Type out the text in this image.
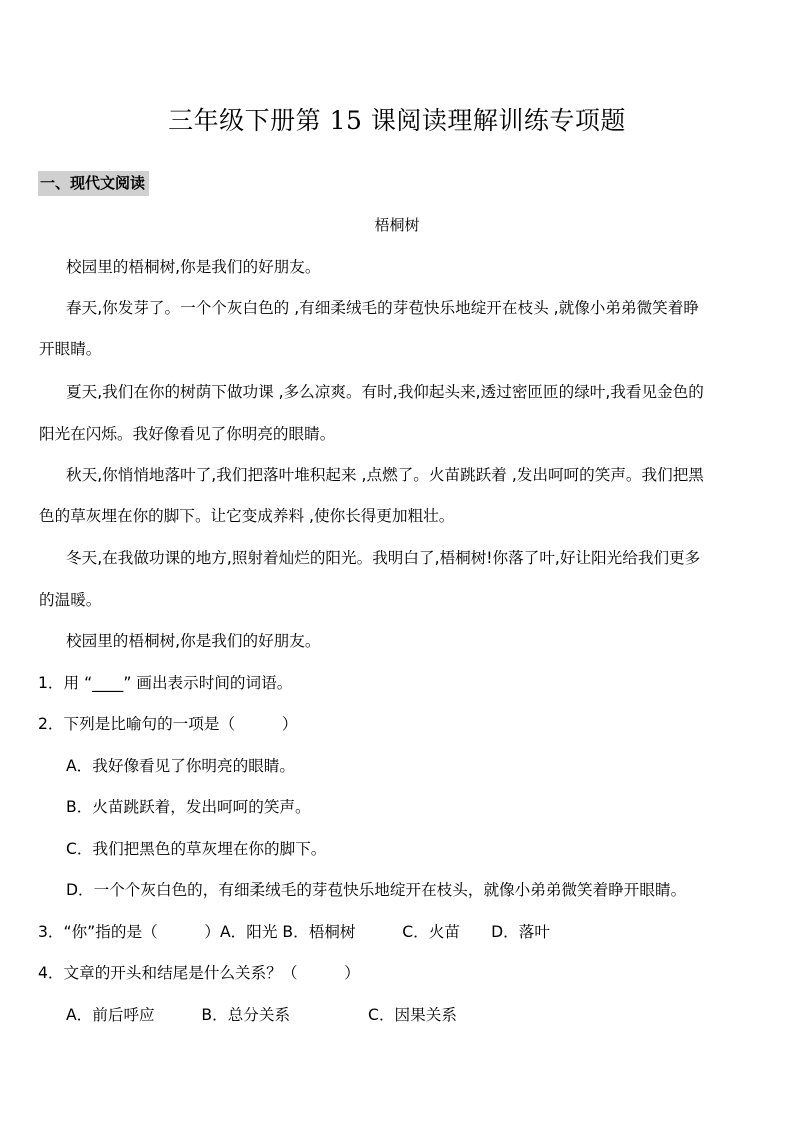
三年级下册第 15 课阅读理解训练专项题
一、现代文阅读
梧桐树
校园里的梧桐树,你是我们的好朋友。
春天,你发芽了。一个个灰白色的 ,有细柔绒毛的芽苞快乐地绽开在枝头 ,就像小弟弟微笑着睁
开眼睛。
夏天,我们在你的树荫下做功课 ,多么凉爽。有时,我仰起头来,透过密匝匝的绿叶,我看见金色的
阳光在闪烁。我好像看见了你明亮的眼睛。
秋天,你悄悄地落叶了,我们把落叶堆积起来 ,点燃了。火苗跳跃着 ,发出呵呵的笑声。我们把黑
色的草灰埋在你的脚下。让它变成养料 ,使你长得更加粗壮。
冬天,在我做功课的地方,照射着灿烂的阳光。我明白了,梧桐树!你落了叶,好让阳光给我们更多
的温暖。
校园里的梧桐树,你是我们的好朋友。
1．用 “____” 画出表示时间的词语。
2．下列是比喻句的一项是（　　　）
A．我好像看见了你明亮的眼睛。
B．火苗跳跃着，发出呵呵的笑声。
C．我们把黑色的草灰埋在你的脚下。
D．一个个灰白色的，有细柔绒毛的芽苞快乐地绽开在枝头，就像小弟弟微笑着睁开眼睛。
3．“你”指的是（　　　）A．阳光 B．梧桐树　　　C．火苗　　D．落叶
4．文章的开头和结尾是什么关系？（　　　）
A．前后呼应　　　B．总分关系　　　　　C．因果关系
